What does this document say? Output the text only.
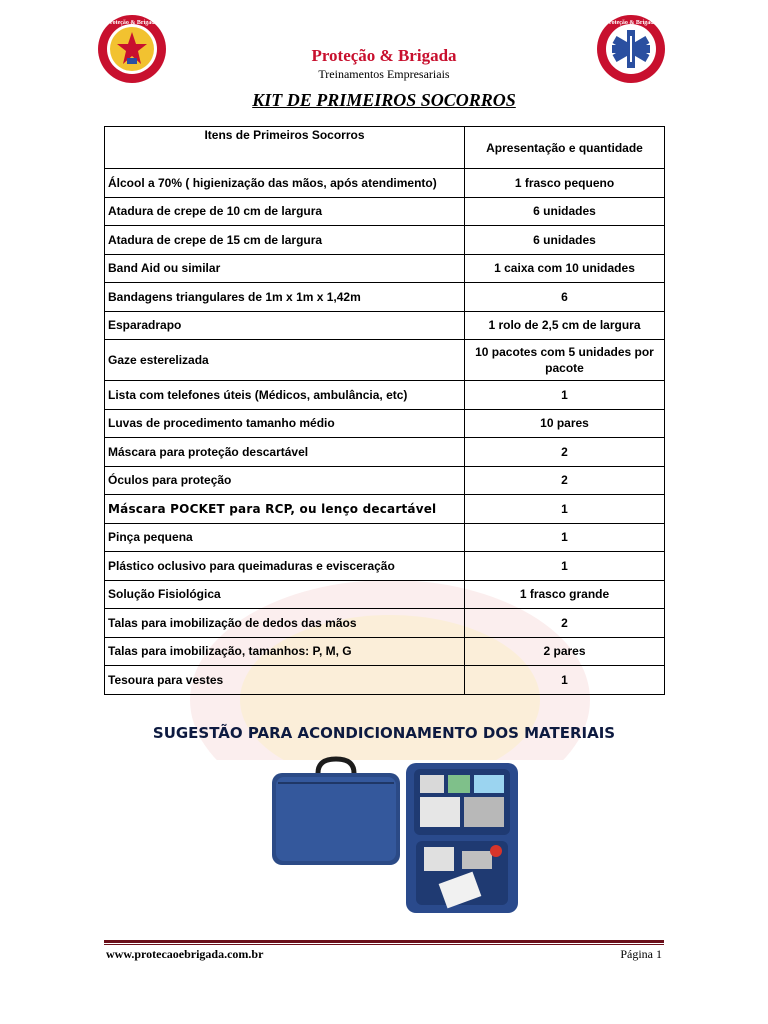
Proteção & Brigada	Proteção & Brigada
Proteção & Brigada
Treinamentos Empresariais
KIT DE PRIMEIROS SOCORROS
Itens de Primeiros Socorros	Apresentação e quantidade
Álcool a 70% ( higienização das mãos, após atendimento)	1 frasco pequeno
Atadura de crepe de 10 cm de largura	6 unidades
Atadura de crepe de 15 cm de largura	6 unidades
Band Aid ou similar	1 caixa com 10 unidades
Bandagens triangulares de 1m x 1m x 1,42m	6
Esparadrapo	1 rolo de 2,5 cm de largura
Gaze esterelizada	10 pacotes com 5 unidades por pacote
Lista com telefones úteis (Médicos, ambulância, etc)	1
Luvas de procedimento tamanho médio	10 pares
Máscara para proteção descartável	2
Óculos para proteção	2
Máscara POCKET para RCP, ou lenço decartável	1
Pinça pequena	1
Plástico oclusivo para queimaduras e evisceração	1
Solução Fisiológica	1 frasco grande
Talas para imobilização de dedos das mãos	2
Talas para imobilização, tamanhos: P, M, G	2 pares
Tesoura para vestes	1
SUGESTÃO PARA ACONDICIONAMENTO DOS MATERIAIS
www.protecaoebrigada.com.br	Página 1
